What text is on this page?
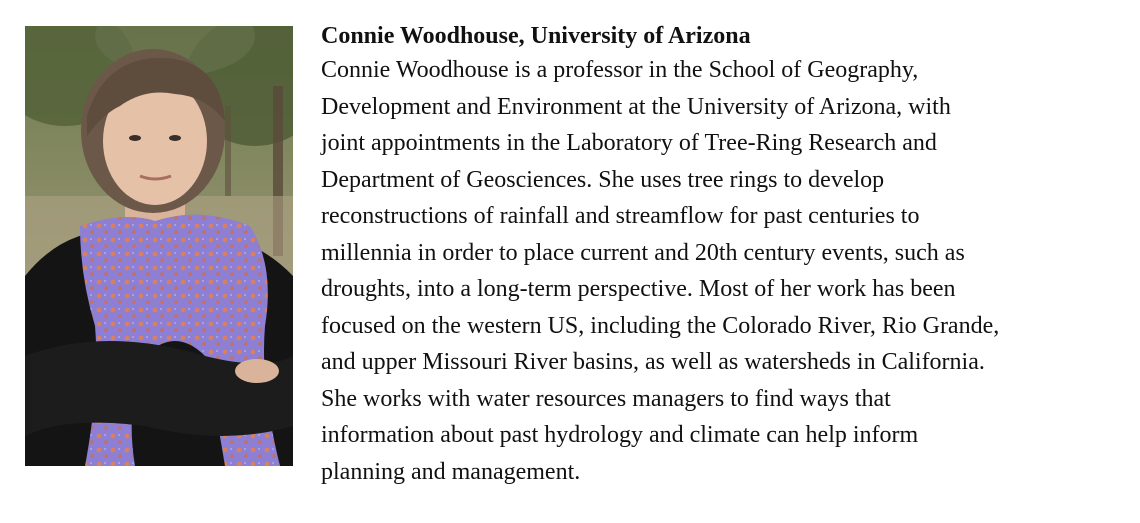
Connie Woodhouse, University of Arizona

Connie Woodhouse is a professor in the School of Geography,

Development and Environment at the University of Arizona, with

joint appointments in the Laboratory of Tree-Ring Research and

Department of Geosciences. She uses tree rings to develop

reconstructions of rainfall and streamflow for past centuries to

millennia in order to place current and 20th century events, such as

droughts, into a long-term perspective. Most of her work has been

focused on the western US, including the Colorado River, Rio Grande,

and upper Missouri River basins, as well as watersheds in California.

She works with water resources managers to find ways that

information about past hydrology and climate can help inform

planning and management.
